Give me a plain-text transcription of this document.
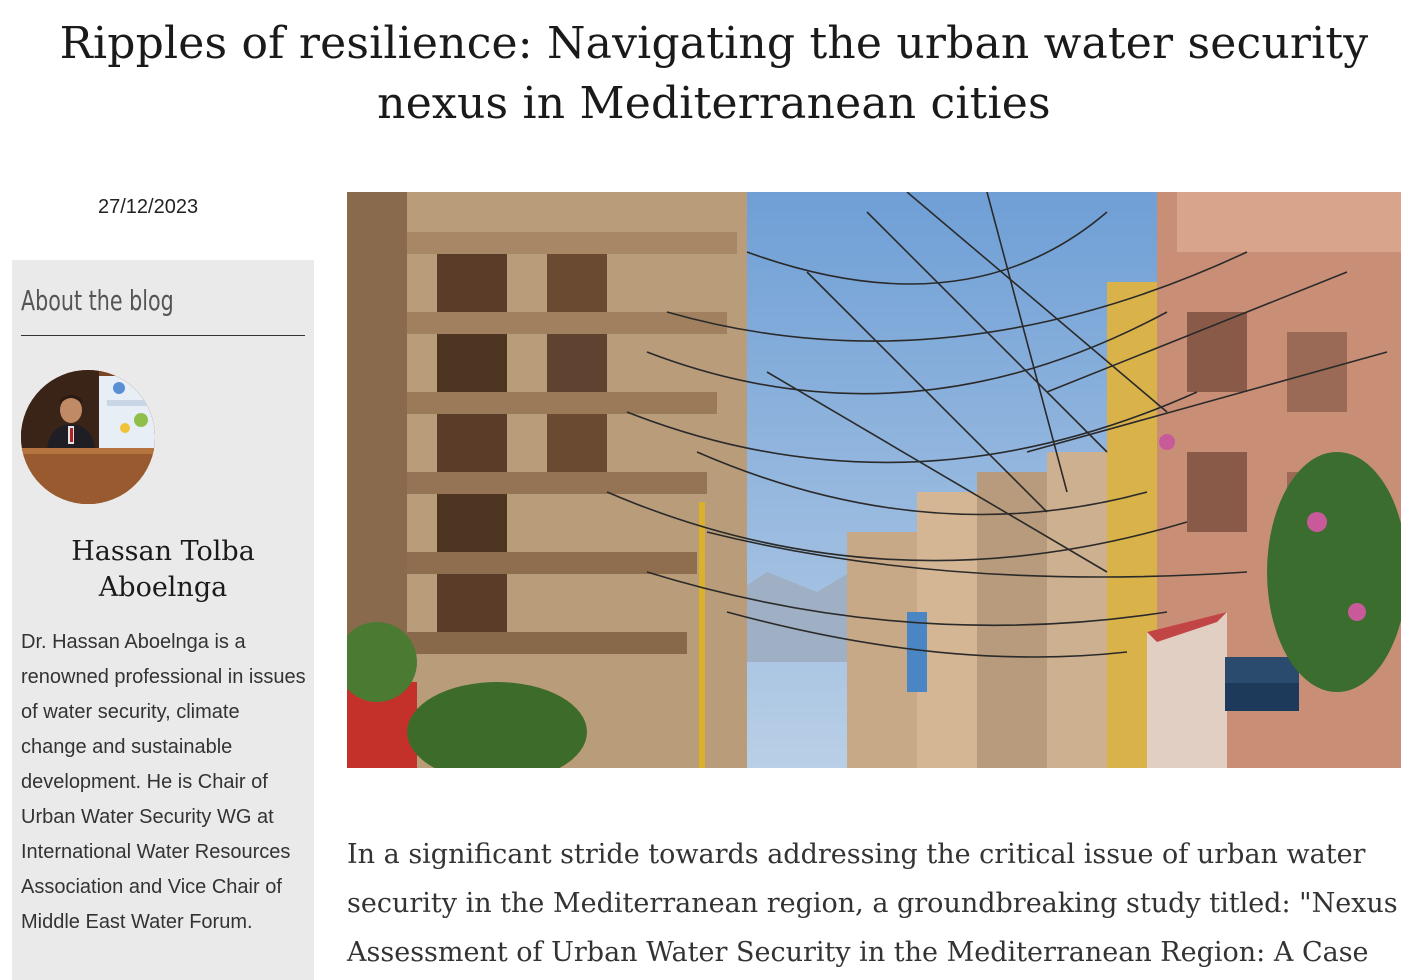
Ripples of resilience: Navigating the urban water security nexus in Mediterranean cities
27/12/2023
About the blog
Hassan Tolba Aboelnga
Dr. Hassan Aboelnga is a renowned professional in issues of water security, climate change and sustainable development. He is Chair of Urban Water Security WG at International Water Resources Association and Vice Chair of Middle East Water Forum.

In a significant stride towards addressing the critical issue of urban water security in the Mediterranean region, a groundbreaking study titled: "Nexus Assessment of Urban Water Security in the Mediterranean Region: A Case
